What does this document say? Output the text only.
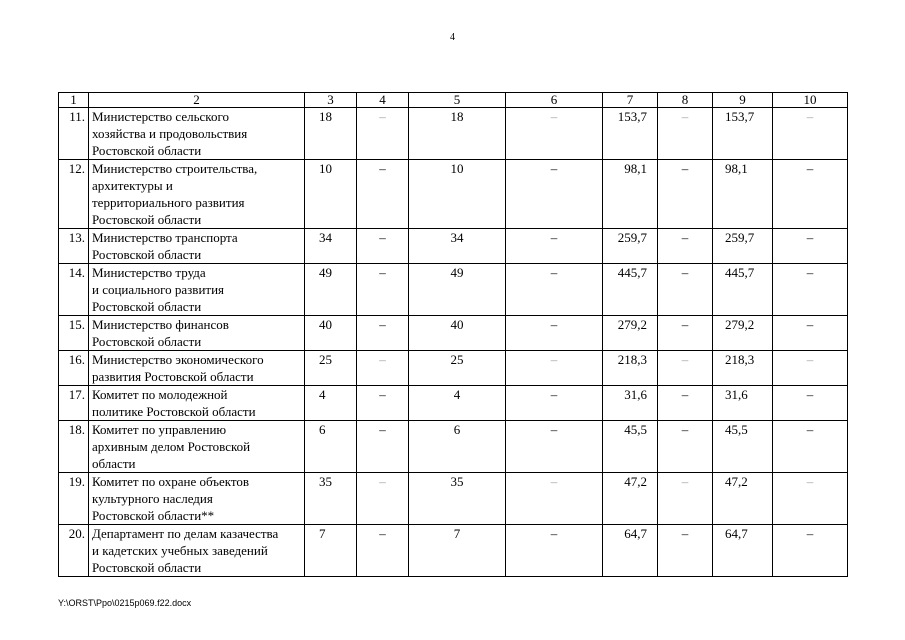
4
1	2	3	4	5	6	7	8	9	10
11.	Министерство сельского
хозяйства и продовольствия
Ростовской области	18	–	18	–	153,7	–	153,7	–
12.	Министерство строительства,
архитектуры и
территориального развития
Ростовской области	10	–	10	–	98,1	–	98,1	–
13.	Министерство транспорта
Ростовской области	34	–	34	–	259,7	–	259,7	–
14.	Министерство труда
и социального развития
Ростовской области	49	–	49	–	445,7	–	445,7	–
15.	Министерство финансов
Ростовской области	40	–	40	–	279,2	–	279,2	–
16.	Министерство экономического
развития Ростовской области	25	–	25	–	218,3	–	218,3	–
17.	Комитет по молодежной
политике Ростовской области	4	–	4	–	31,6	–	31,6	–
18.	Комитет по управлению
архивным делом Ростовской
области	6	–	6	–	45,5	–	45,5	–
19.	Комитет по охране объектов
культурного наследия
Ростовской области**	35	–	35	–	47,2	–	47,2	–
20.	Департамент по делам казачества
и кадетских учебных заведений
Ростовской области	7	–	7	–	64,7	–	64,7	–
Y:\ORST\Ppo\0215p069.f22.docx
